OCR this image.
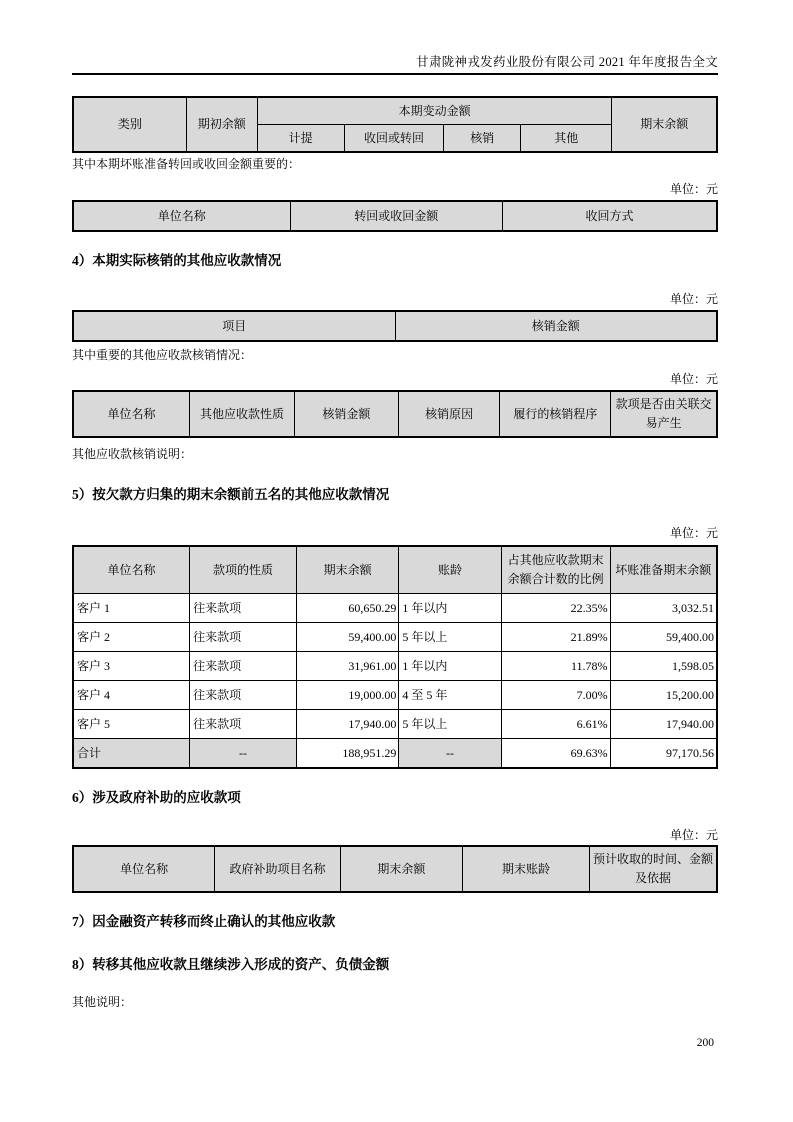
甘肃陇神戎发药业股份有限公司 2021 年年度报告全文
类别	期初余额	本期变动金额				期末余额
		计提	收回或转回	核销	其他	
其中本期坏账准备转回或收回金额重要的：
单位：元
单位名称	转回或收回金额	收回方式
4）本期实际核销的其他应收款情况
单位：元
项目	核销金额
其中重要的其他应收款核销情况：
单位：元
单位名称	其他应收款性质	核销金额	核销原因	履行的核销程序	款项是否由关联交易产生
其他应收款核销说明：
5）按欠款方归集的期末余额前五名的其他应收款情况
单位：元
单位名称	款项的性质	期末余额	账龄	占其他应收款期末余额合计数的比例	坏账准备期末余额
客户 1	往来款项	60,650.29	1 年以内	22.35%	3,032.51
客户 2	往来款项	59,400.00	5 年以上	21.89%	59,400.00
客户 3	往来款项	31,961.00	1 年以内	11.78%	1,598.05
客户 4	往来款项	19,000.00	4 至 5 年	7.00%	15,200.00
客户 5	往来款项	17,940.00	5 年以上	6.61%	17,940.00
合计	--	188,951.29	--	69.63%	97,170.56
6）涉及政府补助的应收款项
单位：元
单位名称	政府补助项目名称	期末余额	期末账龄	预计收取的时间、金额及依据
7）因金融资产转移而终止确认的其他应收款
8）转移其他应收款且继续涉入形成的资产、负债金额
其他说明：
200
